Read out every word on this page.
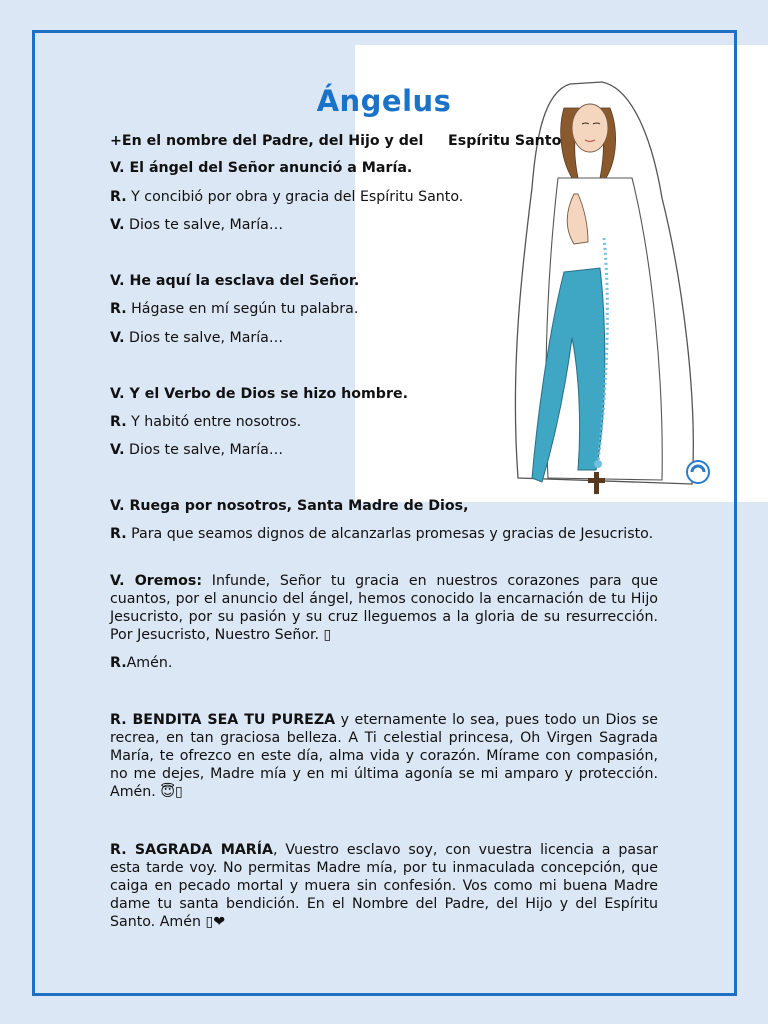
Ángelus
+En el nombre del Padre, del Hijo y del     Espíritu Santo
V. El ángel del Señor anunció a María.
R. Y concibió por obra y gracia del Espíritu Santo.
V. Dios te salve, María…
V. He aquí la esclava del Señor.
R. Hágase en mí según tu palabra.
V. Dios te salve, María…
V. Y el Verbo de Dios se hizo hombre.
R. Y habitó entre nosotros.
V. Dios te salve, María…
V. Ruega por nosotros, Santa Madre de Dios,
R. Para que seamos dignos de alcanzarlas promesas y gracias de Jesucristo.
V. Oremos: Infunde, Señor tu gracia en nuestros corazones para que cuantos, por el anuncio del ángel, hemos conocido la encarnación de tu Hijo Jesucristo, por su pasión y su cruz lleguemos a la gloria de su resurrección. Por Jesucristo, Nuestro Señor. ▯
R.Amén.
R. BENDITA SEA TU PUREZA y eternamente lo sea, pues todo un Dios se recrea, en tan graciosa belleza. A Ti celestial princesa, Oh Virgen Sagrada María, te ofrezco en este día, alma vida y corazón. Mírame con compasión, no me dejes, Madre mía y en mi última agonía se mi amparo y protección. Amén. 😇▯
R. SAGRADA MARÍA, Vuestro esclavo soy, con vuestra licencia a pasar esta tarde voy. No permitas Madre mía, por tu inmaculada concepción, que caiga en pecado mortal y muera sin confesión. Vos como mi buena Madre dame tu santa bendición. En el Nombre del Padre, del Hijo y del Espíritu Santo. Amén ▯❤
